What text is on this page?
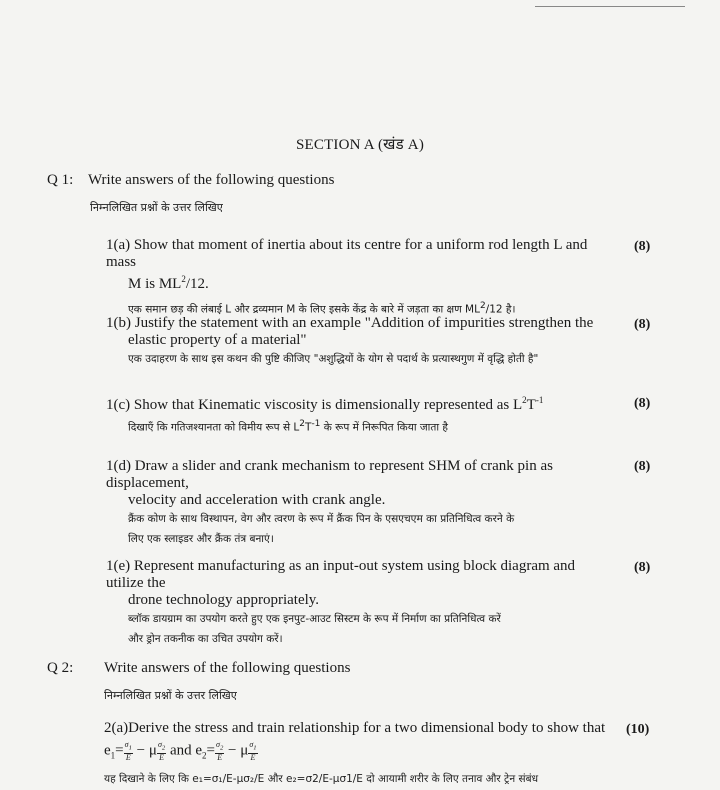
SECTION A (खंड A)
Q 1: Write answers of the following questions
निम्नलिखित प्रश्नों के उत्तर लिखिए
1(a) Show that moment of inertia about its centre for a uniform rod length L and mass
M is $ML^2/12$.
एक समान छड़ की लंबाई L और द्रव्यमान M के लिए इसके केंद्र के बारे में जड़ता का क्षण $ML^2/12$ है।
(8)
1(b) Justify the statement with an example "Addition of impurities strengthen the
elastic property of a material"
एक उदाहरण के साथ इस कथन की पुष्टि कीजिए "अशुद्धियों के योग से पदार्थ के प्रत्यास्थगुण में वृद्धि होती है"
(8)
1(c) Show that Kinematic viscosity is dimensionally represented as $L^2T^{-1}$
दिखाएँ कि गतिजश्यानता को विमीय रूप से $L^2T^{-1}$ के रूप में निरूपित किया जाता है
(8)
1(d) Draw a slider and crank mechanism to represent SHM of crank pin as displacement,
velocity and acceleration with crank angle.
क्रैंक कोण के साथ विस्थापन, वेग और त्वरण के रूप में क्रैंक पिन के एसएचएम का प्रतिनिधित्व करने के
लिए एक स्लाइडर और क्रैंक तंत्र बनाएं।
(8)
1(e) Represent manufacturing as an input-out system using block diagram and utilize the
drone technology appropriately.
ब्लॉक डायग्राम का उपयोग करते हुए एक इनपुट-आउट सिस्टम के रूप में निर्माण का प्रतिनिधित्व करें
और ड्रोन तकनीक का उचित उपयोग करें।
(8)
Q 2: Write answers of the following questions
निम्नलिखित प्रश्नों के उत्तर लिखिए
2(a)Derive the stress and train relationship for a two dimensional body to show that
$e_1= \frac{\sigma_1}{E} - \mu \frac{\sigma_2}{E}$ and $e_2= \frac{\sigma_2}{E} - \mu \frac{\sigma_1}{E}$
(10)
यह दिखाने के लिए कि e₁=σ₁/E-μσ₂/E और e₂=σ2/E-μσ1/E दो आयामी शरीर के लिए तनाव और ट्रेन संबंध
